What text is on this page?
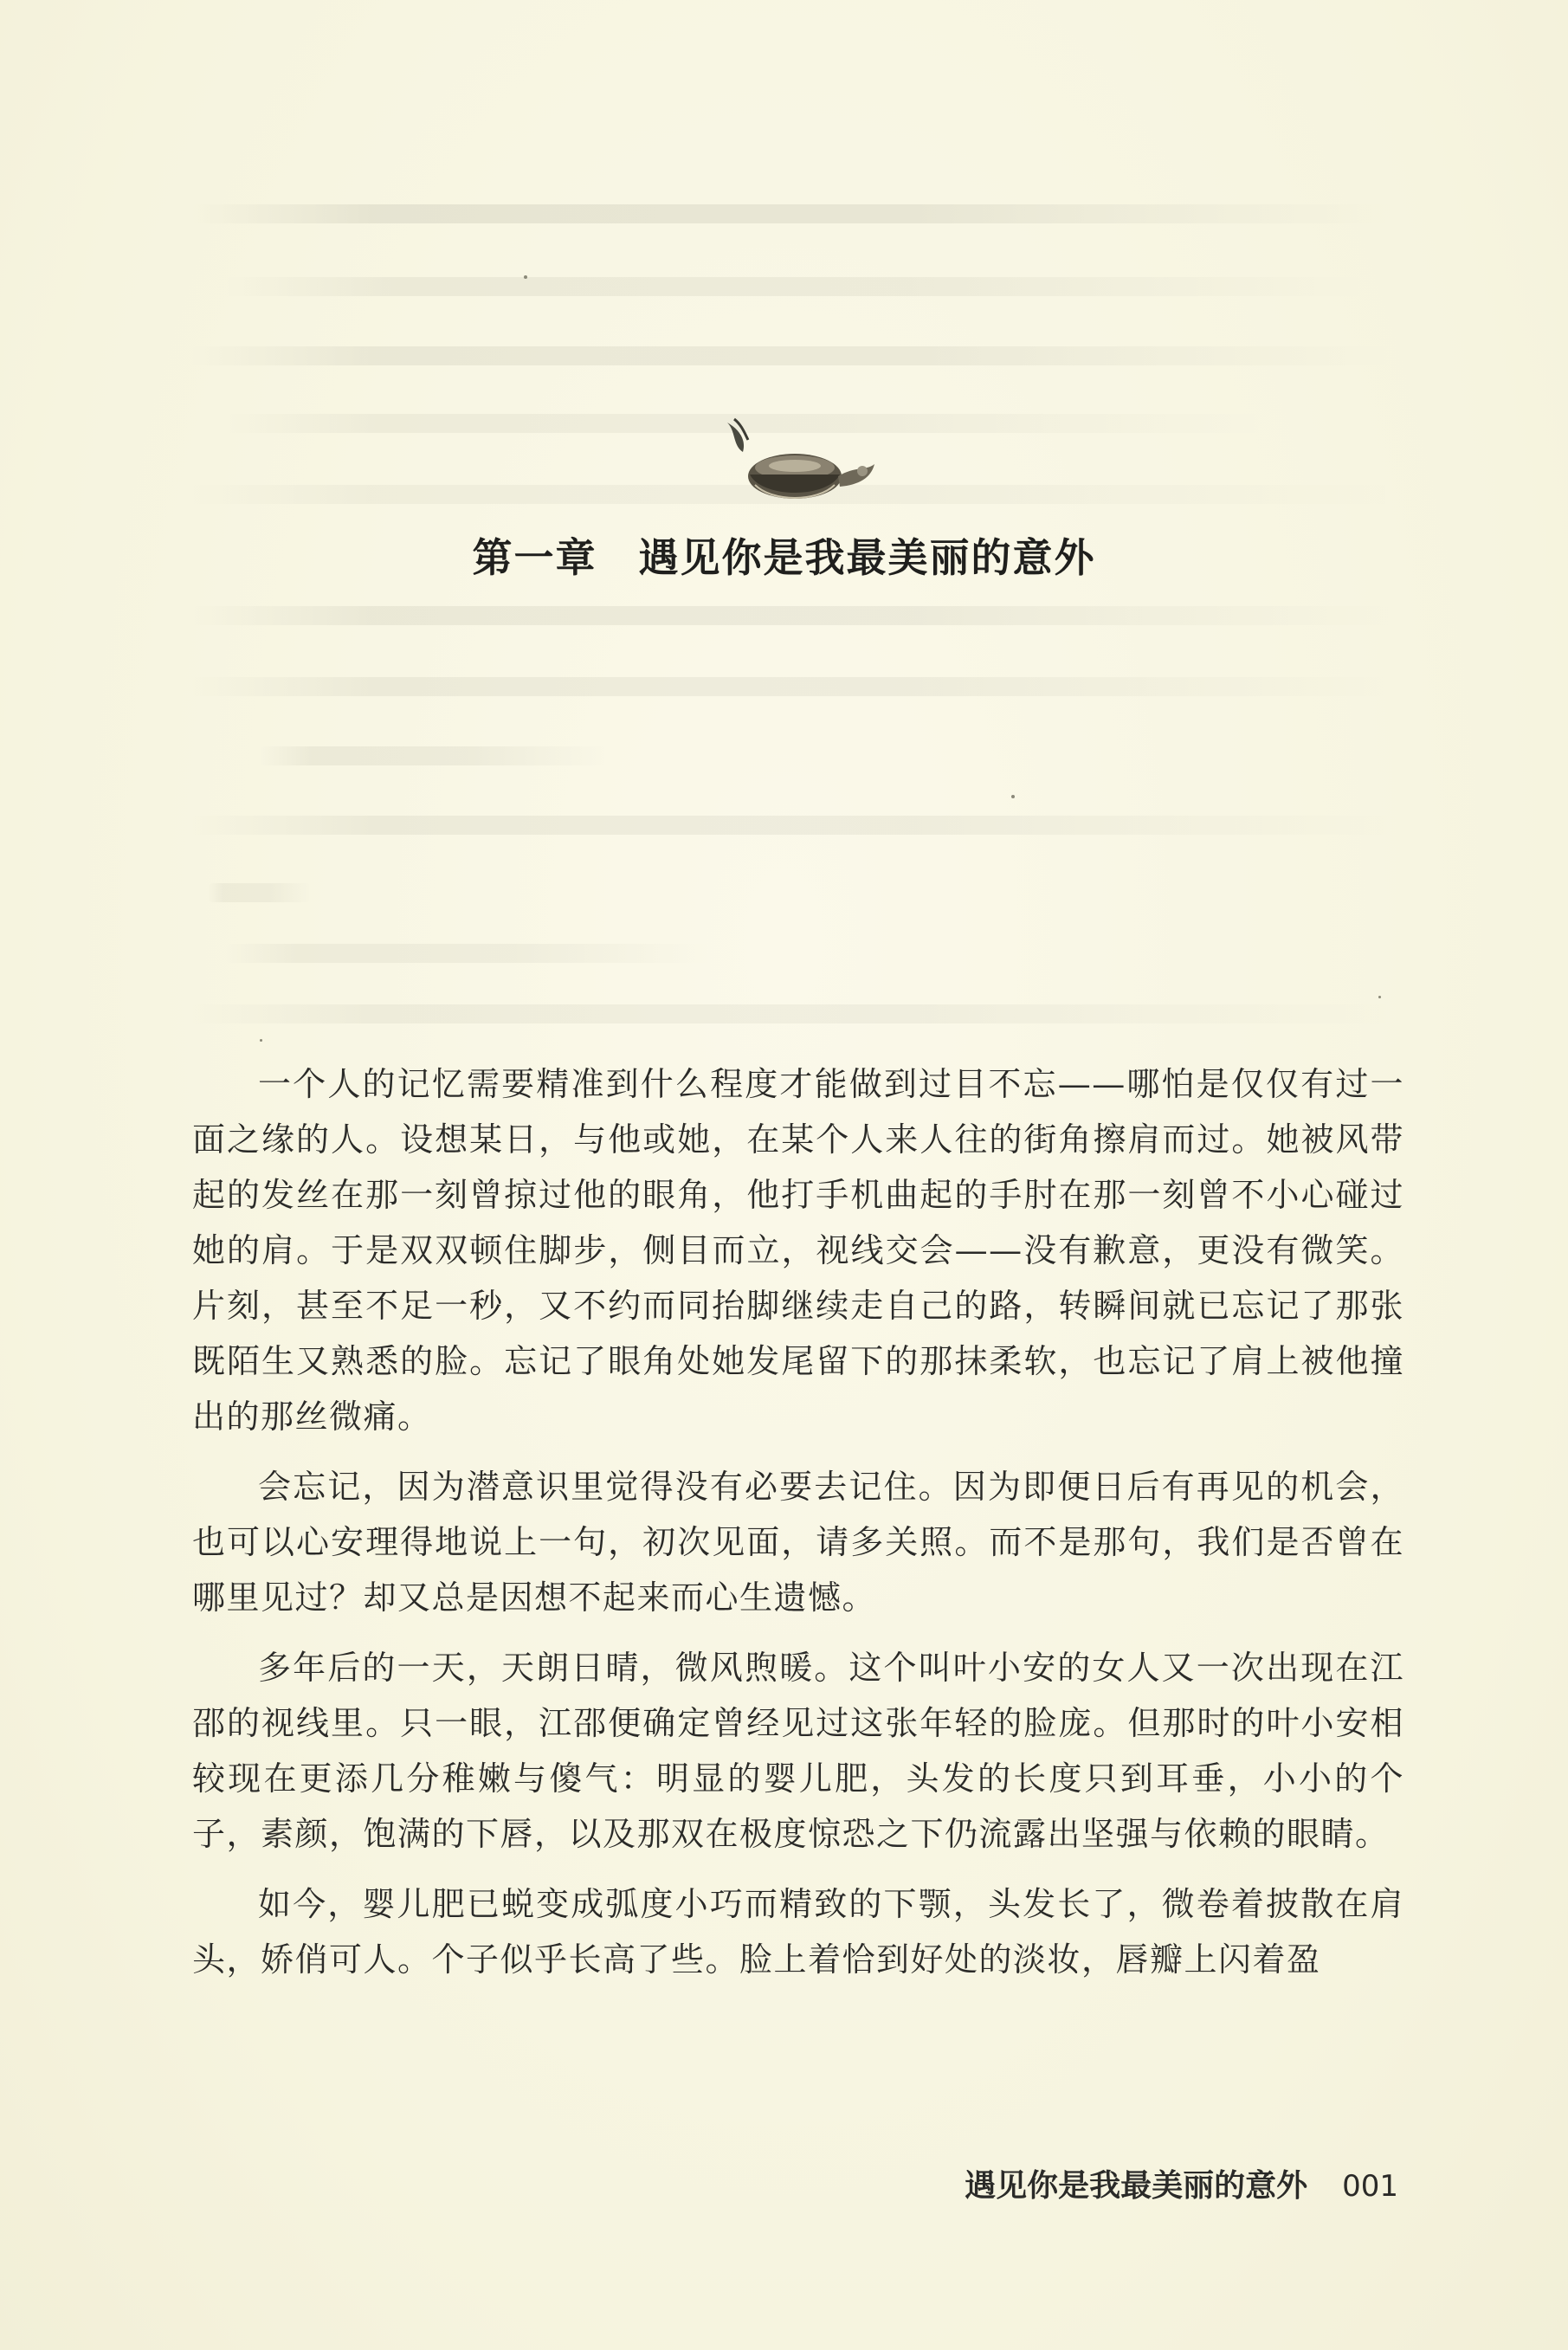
第一章 遇见你是我最美丽的意外

一个人的记忆需要精准到什么程度才能做到过目不忘——哪怕是仅仅有过一面之缘的人。设想某日，与他或她，在某个人来人往的街角擦肩而过。她被风带起的发丝在那一刻曾掠过他的眼角，他打手机曲起的手肘在那一刻曾不小心碰过她的肩。于是双双顿住脚步，侧目而立，视线交会——没有歉意，更没有微笑。片刻，甚至不足一秒，又不约而同抬脚继续走自己的路，转瞬间就已忘记了那张既陌生又熟悉的脸。忘记了眼角处她发尾留下的那抹柔软，也忘记了肩上被他撞出的那丝微痛。

会忘记，因为潜意识里觉得没有必要去记住。因为即便日后有再见的机会，也可以心安理得地说上一句，初次见面，请多关照。而不是那句，我们是否曾在哪里见过？却又总是因想不起来而心生遗憾。

多年后的一天，天朗日晴，微风煦暖。这个叫叶小安的女人又一次出现在江邵的视线里。只一眼，江邵便确定曾经见过这张年轻的脸庞。但那时的叶小安相较现在更添几分稚嫩与傻气：明显的婴儿肥，头发的长度只到耳垂，小小的个子，素颜，饱满的下唇，以及那双在极度惊恐之下仍流露出坚强与依赖的眼睛。

如今，婴儿肥已蜕变成弧度小巧而精致的下颚，头发长了，微卷着披散在肩头，娇俏可人。个子似乎长高了些。脸上着恰到好处的淡妆，唇瓣上闪着盈

遇见你是我最美丽的意外 001
